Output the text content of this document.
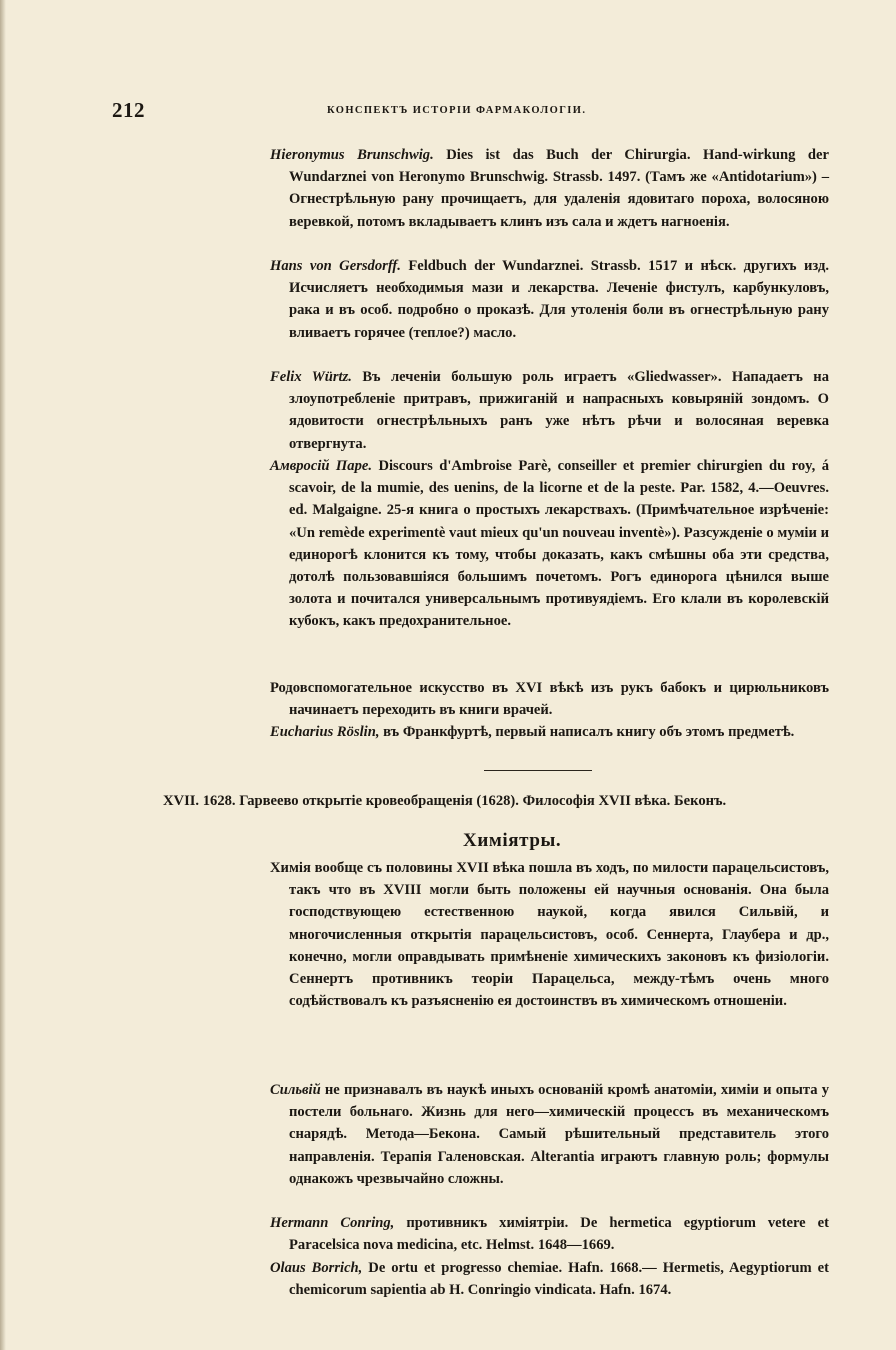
212	КОНСПЕКТЪ ИСТОРІИ ФАРМАКОЛОГІИ.

Hieronymus Brunschwig. Dies ist das Buch der Chirurgia. Hand-wirkung der Wundarznei von Heronymo Brunschwig. Strassb. 1497. (Тамъ же «Antidotarium») – Огнестрѣльную рану прочищаетъ, для удаленія ядовитаго пороха, волосяною веревкой, потомъ вкладываетъ клинъ изъ сала и ждетъ нагноенія.

Hans von Gersdorff. Feldbuch der Wundarznei. Strassb. 1517 и нѣск. другихъ изд. Исчисляетъ необходимыя мази и лекарства. Леченіе фистулъ, карбункуловъ, рака и въ особ. подробно о проказѣ. Для утоленія боли въ огнестрѣльную рану вливаетъ горячее (теплое?) масло.

Felix Würtz. Въ леченіи большую роль играетъ «Gliedwasser». Нападаетъ на злоупотребленіе притравъ, прижиганій и напрасныхъ ковыряній зондомъ. О ядовитости огнестрѣльныхъ ранъ уже нѣтъ рѣчи и волосяная веревка отвергнута.

Амвросій Паре. Discours d'Ambroise Parè, conseiller et premier chirurgien du roy, á scavoir, de la mumie, des uenins, de la licorne et de la peste. Par. 1582, 4.—Oeuvres. ed. Malgaigne. 25-я книга о простыхъ лекарствахъ. (Примѣчательное изрѣченіе: «Un remède experimentè vaut mieux qu'un nouveau inventè»). Разсужденіе о муміи и единорогѣ клонится къ тому, чтобы доказать, какъ смѣшны оба эти средства, дотолѣ пользовавшіяся большимъ почетомъ. Рогъ единорога цѣнился выше золота и почитался универсальнымъ противуядіемъ. Его клали въ королевскій кубокъ, какъ предохранительное.

Родовспомогательное искусство въ XVI вѣкѣ изъ рукъ бабокъ и цирюльниковъ начинаетъ переходить въ книги врачей.

Eucharius Röslin, въ Франкфуртѣ, первый написалъ книгу объ этомъ предметѣ.

XVII. 1628. Гарвеево открытіе кровеобращенія (1628). Философія XVII вѣка. Беконъ.

Химіятры.

Химія вообще съ половины XVII вѣка пошла въ ходъ, по милости парацельсистовъ, такъ что въ XVIII могли быть положены ей научныя основанія. Она была господствующею естественною наукой, когда явился Сильвій, и многочисленныя открытія парацельсистовъ, особ. Сеннерта, Глаубера и др., конечно, могли оправдывать примѣненіе химическихъ законовъ къ физіологіи. Сеннертъ противникъ теоріи Парацельса, между-тѣмъ очень много содѣйствовалъ къ разъясненію ея достоинствъ въ химическомъ отношеніи.

Сильвій не признавалъ въ наукѣ иныхъ основаній кромѣ анатоміи, химіи и опыта у постели больнаго. Жизнь для него—химическій процессъ въ механическомъ снарядѣ. Метода—Бекона. Самый рѣшительный представитель этого направленія. Терапія Галеновская. Alterantia играютъ главную роль; формулы однакожъ чрезвычайно сложны.

Hermann Conring, противникъ химіятріи. De hermetica egyptiorum vetere et Paracelsica nova medicina, etc. Helmst. 1648—1669.

Olaus Borrich, De ortu et progresso chemiae. Hafn. 1668.— Hermetis, Aegyptiorum et chemicorum sapientia ab H. Conringio vindicata. Hafn. 1674.
